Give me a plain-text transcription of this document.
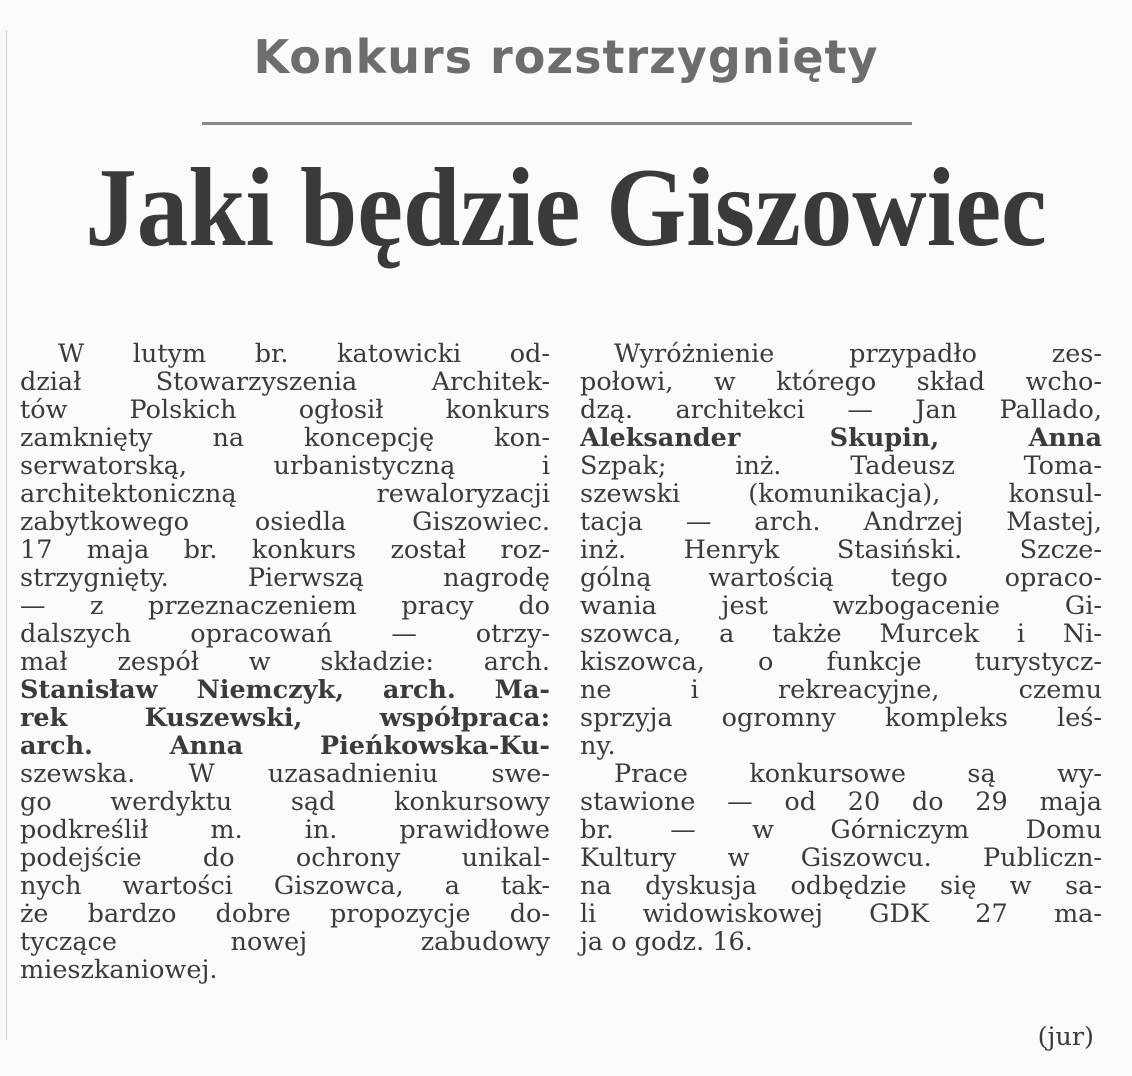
Konkurs rozstrzygnięty
Jaki będzie Giszowiec
W lutym br. katowicki od-
dział Stowarzyszenia Architek-
tów Polskich ogłosił konkurs
zamknięty na koncepcję kon-
serwatorską, urbanistyczną i
architektoniczną rewaloryzacji
zabytkowego osiedla Giszowiec.
17 maja br. konkurs został roz-
strzygnięty. Pierwszą nagrodę
— z przeznaczeniem pracy do
dalszych opracowań — otrzy-
mał zespół w składzie: arch.
Stanisław Niemczyk, arch. Ma-
rek Kuszewski, współpraca:
arch. Anna Pieńkowska-Ku-
szewska. W uzasadnieniu swe-
go werdyktu sąd konkursowy
podkreślił m. in. prawidłowe
podejście do ochrony unikal-
nych wartości Giszowca, a tak-
że bardzo dobre propozycje do-
tyczące nowej zabudowy
mieszkaniowej.
Wyróżnienie przypadło zes-
połowi, w którego skład wcho-
dzą. architekci — Jan Pallado,
Aleksander Skupin, Anna
Szpak; inż. Tadeusz Toma-
szewski (komunikacja), konsul-
tacja — arch. Andrzej Mastej,
inż. Henryk Stasiński. Szcze-
gólną wartością tego opraco-
wania jest wzbogacenie Gi-
szowca, a także Murcek i Ni-
kiszowca, o funkcje turystycz-
ne i rekreacyjne, czemu
sprzyja ogromny kompleks leś-
ny.
Prace konkursowe są wy-
stawione — od 20 do 29 maja
br. — w Górniczym Domu
Kultury w Giszowcu. Publiczn-
na dyskusja odbędzie się w sa-
li widowiskowej GDK 27 ma-
ja o godz. 16.
(jur)
